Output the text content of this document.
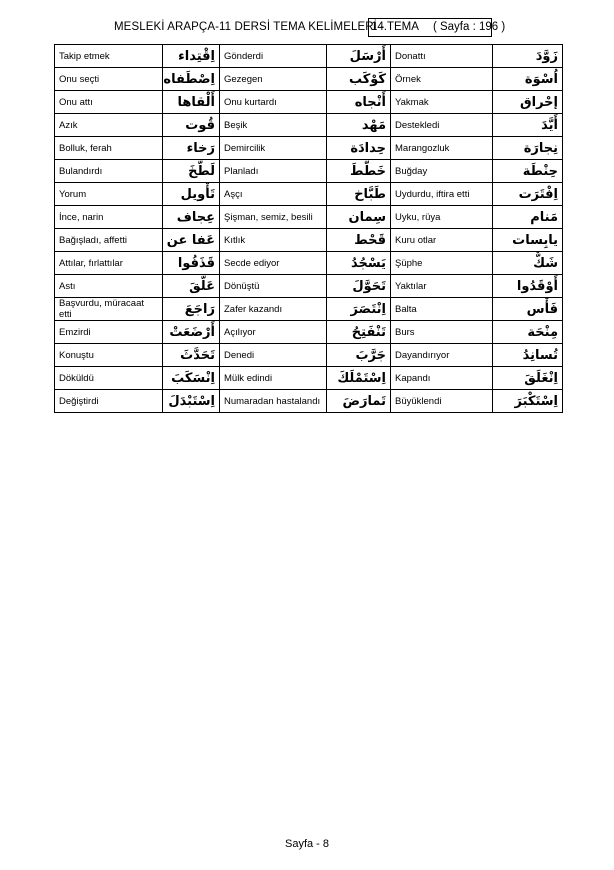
MESLEKİ ARAPÇA-11 DERSİ TEMA KELİMELERİ -
14.TEMA ( Sayfa : 196 )
Takip etmek	اِقْتِداء	Gönderdi	أَرْسَلَ	Donattı	زَوَّدَ
Onu seçti	اِصْطَفاه	Gezegen	كَوْكَب	Örnek	اُسْوَة
Onu attı	أَلْقاها	Onu kurtardı	أَنْجاه	Yakmak	إحْراق
Azık	قُوت	Beşik	مَهْد	Destekledi	أَيَّدَ
Bolluk, ferah	رَخاء	Demircilik	حِدادَة	Marangozluk	نِجارَة
Bulandırdı	لَطَّخَ	Planladı	خَطَّطَ	Buğday	حِنْطَة
Yorum	تَأْويل	Aşçı	طَبَّاخ	Uydurdu, iftira etti	اِفْتَرَت
İnce, narin	عِجاف	Şişman, semiz, besili	سِمان	Uyku, rüya	مَنام
Bağışladı, affetti	عَفا عن	Kıtlık	قَحْط	Kuru otlar	يابِسات
Attılar, fırlattılar	قَذَفُوا	Secde ediyor	يَسْجُدُ	Şüphe	شَكٌّ
Astı	عَلَّقَ	Dönüştü	تَحَوَّلَ	Yaktılar	أَوْقَدُوا
Başvurdu, müracaat etti	رَاجَعَ	Zafer kazandı	اِنْتَصَرَ	Balta	فَأْس
Emzirdi	أَرْضَعَتْ	Açılıyor	تَنْفَتِحُ	Burs	مِنْحَة
Konuştu	تَحَدَّثَ	Denedi	جَرَّبَ	Dayandırıyor	تُسانِدُ
Döküldü	اِنْسَكَبَ	Mülk edindi	اِسْتَمْلَكَ	Kapandı	اِنْغَلَقَ
Değiştirdi	اِسْتَبْدَلَ	Numaradan hastalandı	تَمارَضَ	Büyüklendi	اِسْتَكْبَرَ
Sayfa - 8
